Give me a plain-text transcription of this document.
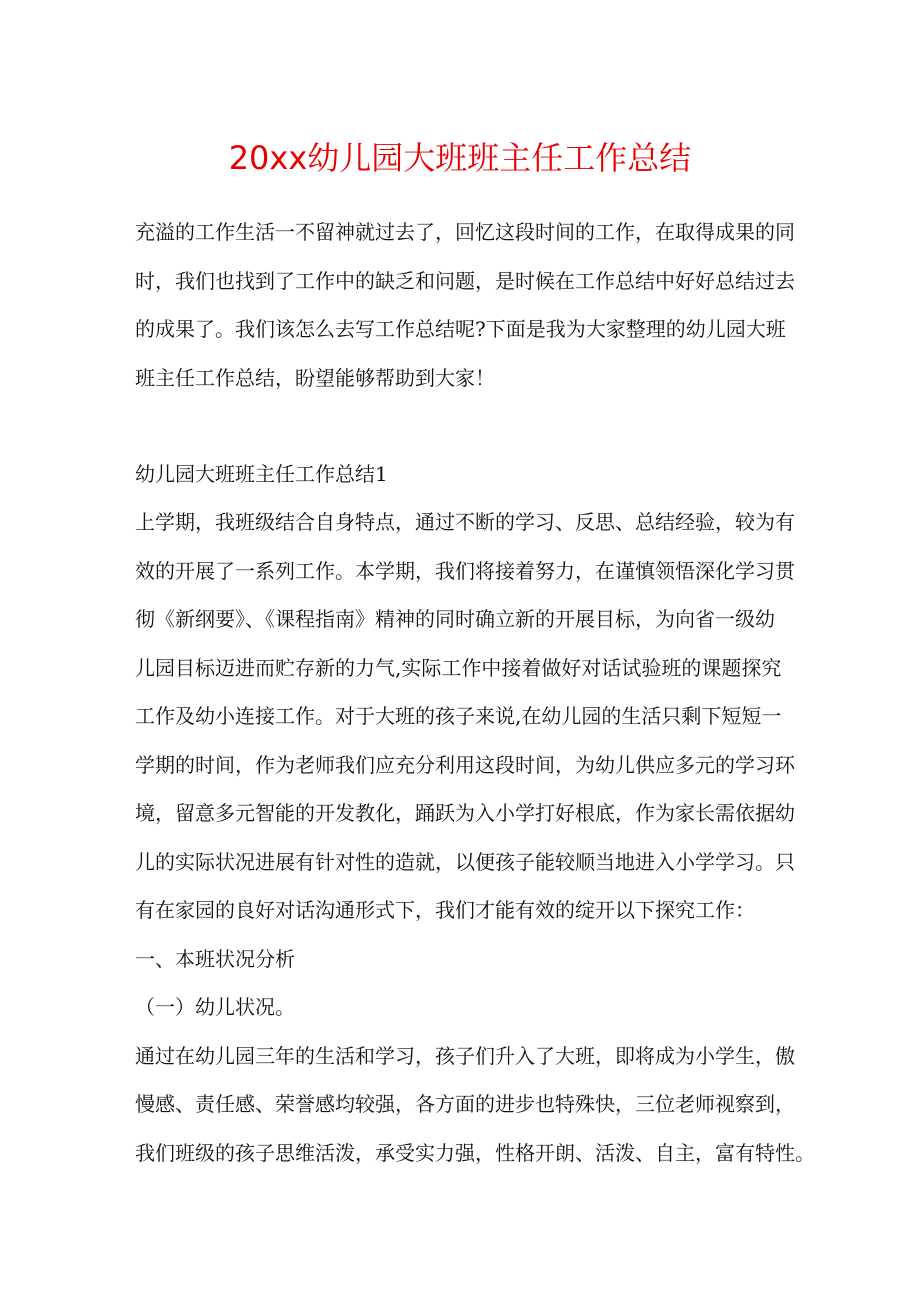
20xx幼儿园大班班主任工作总结
充溢的工作生活一不留神就过去了，回忆这段时间的工作，在取得成果的同
时，我们也找到了工作中的缺乏和问题，是时候在工作总结中好好总结过去
的成果了。我们该怎么去写工作总结呢?下面是我为大家整理的幼儿园大班
班主任工作总结，盼望能够帮助到大家！
幼儿园大班班主任工作总结1
上学期，我班级结合自身特点，通过不断的学习、反思、总结经验，较为有
效的开展了一系列工作。本学期，我们将接着努力，在谨慎领悟深化学习贯
彻《新纲要》、《课程指南》精神的同时确立新的开展目标，为向省一级幼
儿园目标迈进而贮存新的力气,实际工作中接着做好对话试验班的课题探究
工作及幼小连接工作。对于大班的孩子来说,在幼儿园的生活只剩下短短一
学期的时间，作为老师我们应充分利用这段时间，为幼儿供应多元的学习环
境，留意多元智能的开发教化，踊跃为入小学打好根底，作为家长需依据幼
儿的实际状况进展有针对性的造就，以便孩子能较顺当地进入小学学习。只
有在家园的良好对话沟通形式下，我们才能有效的绽开以下探究工作：
一、本班状况分析
（一）幼儿状况。
通过在幼儿园三年的生活和学习，孩子们升入了大班，即将成为小学生，傲
慢感、责任感、荣誉感均较强，各方面的进步也特殊快，三位老师视察到，
我们班级的孩子思维活泼，承受实力强，性格开朗、活泼、自主，富有特性。
